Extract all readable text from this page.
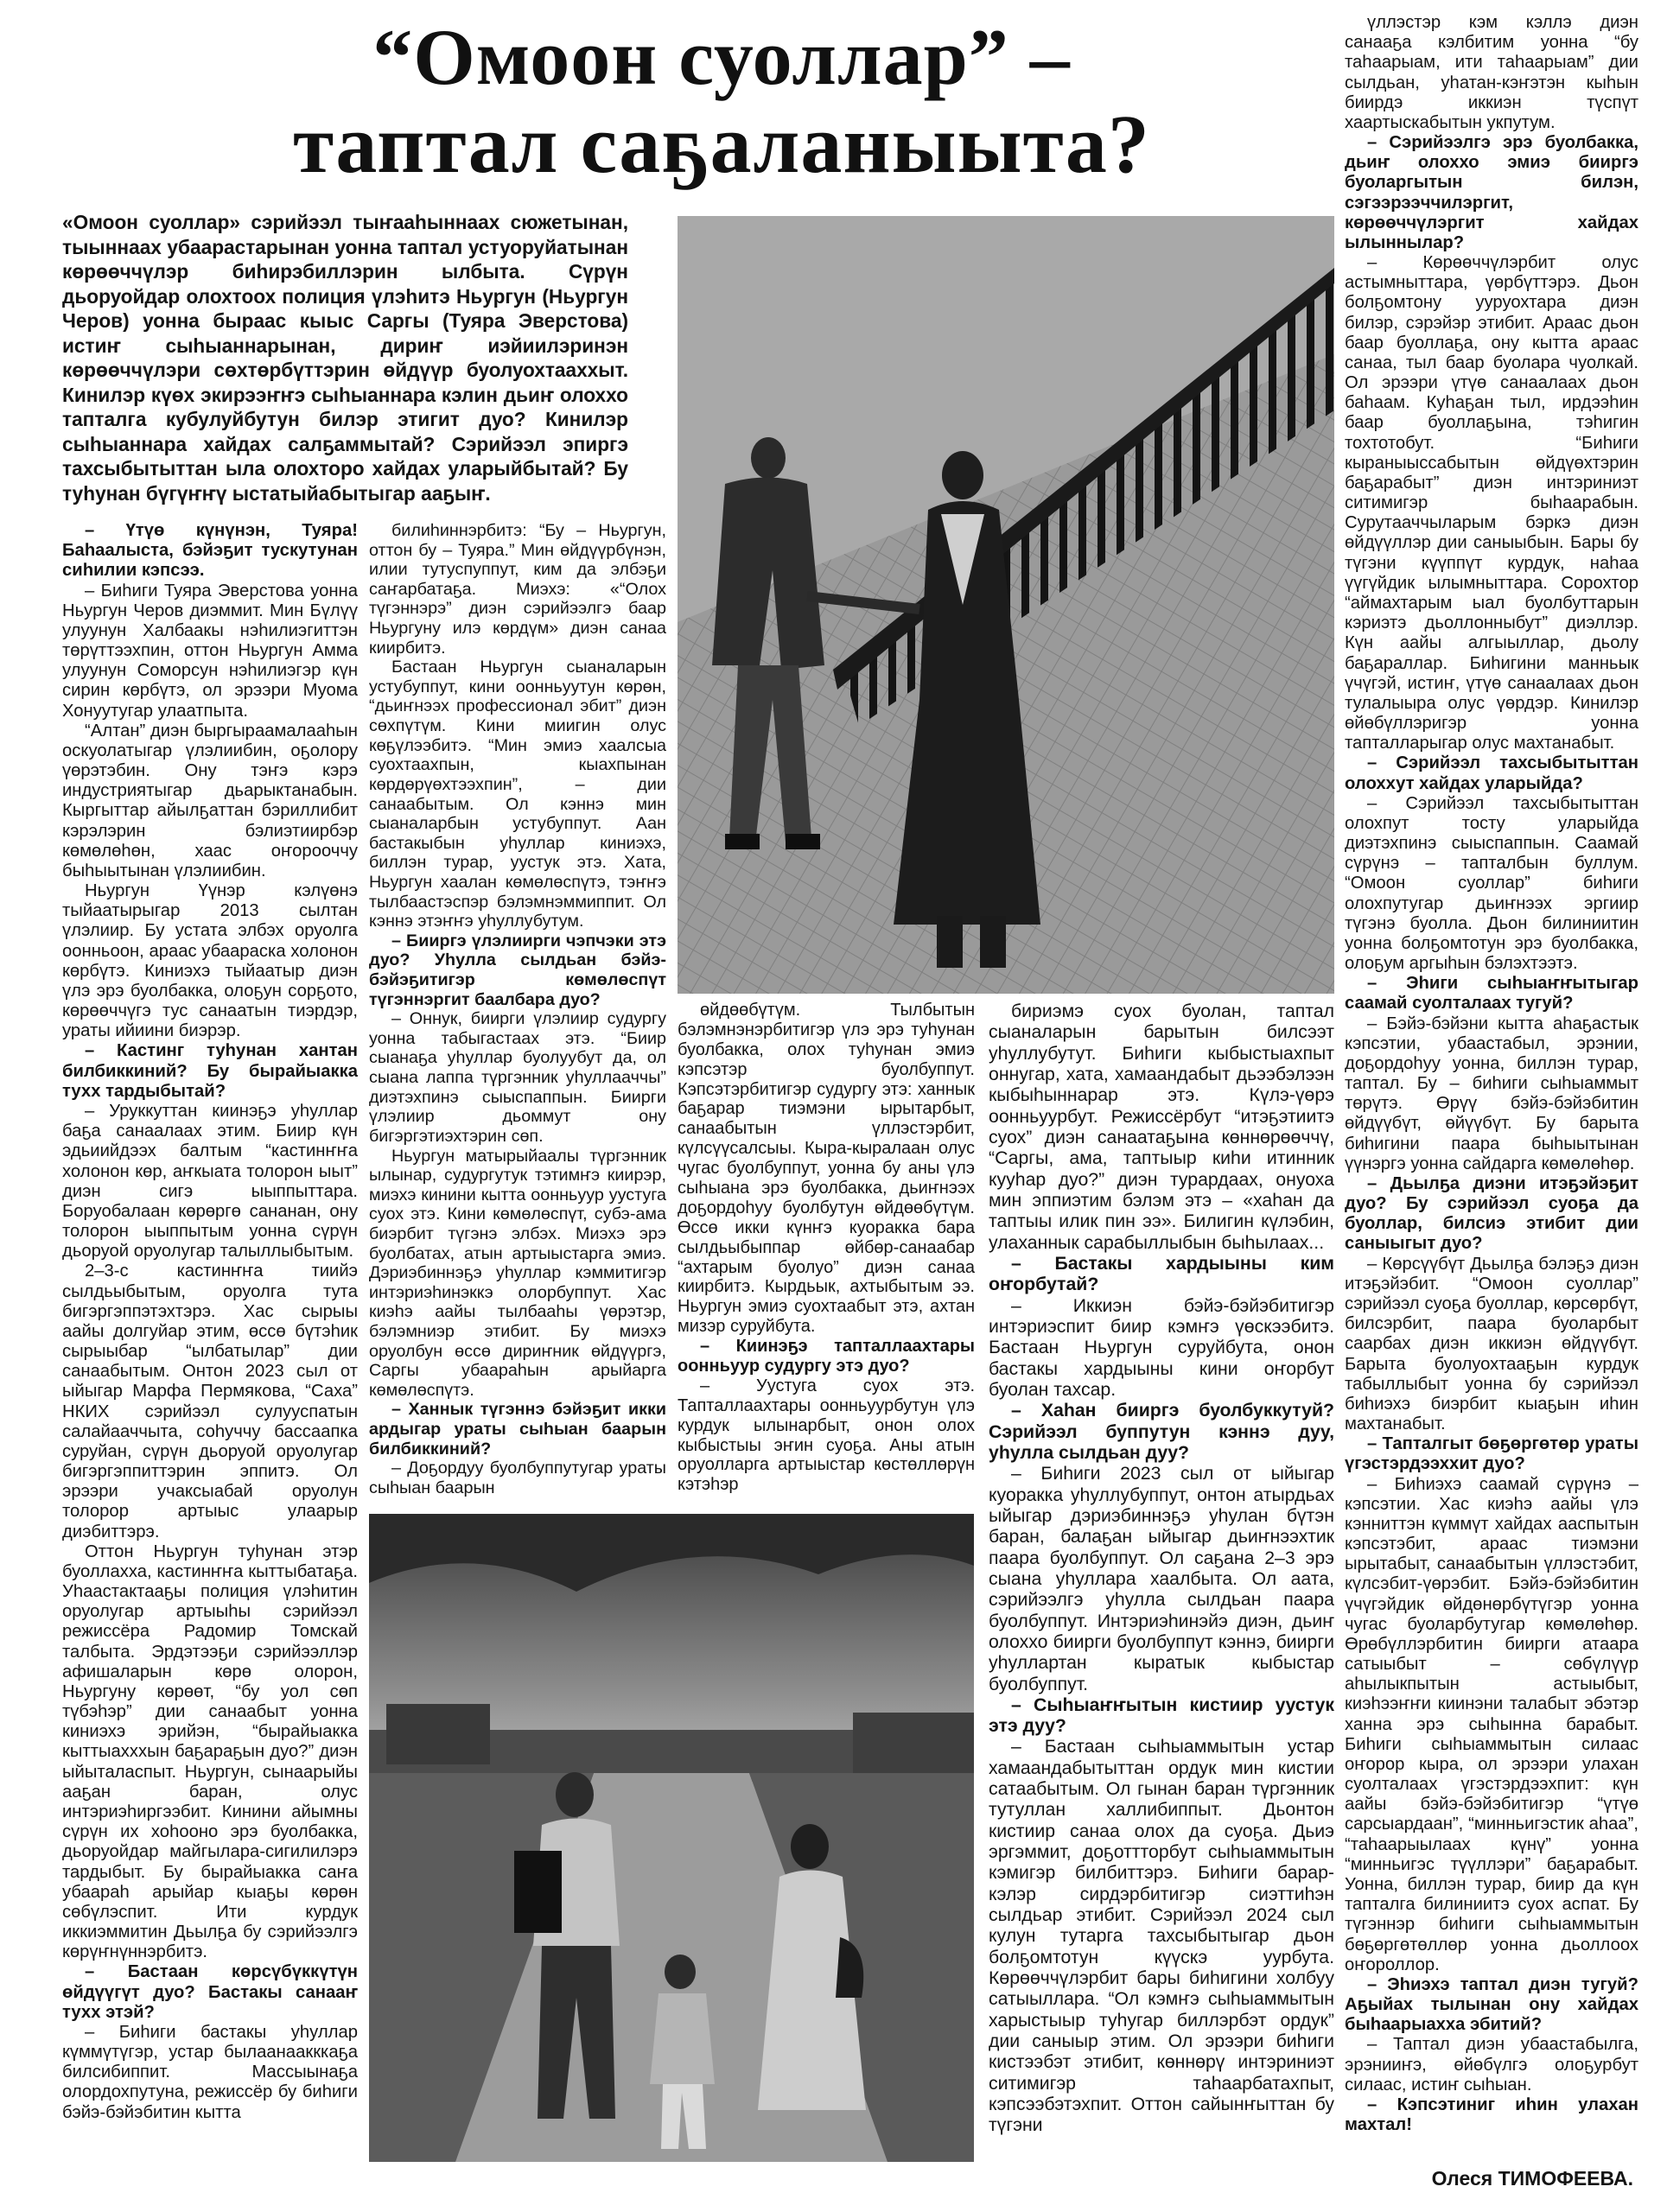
“Омоон суоллар” –
таптал саҕаланыыта?
«Омоон суоллар» сэрийээл тыҥааһыннаах сюжетынан, тыыннаах убаарастарынан уонна таптал устуоруйатынан көрөөччүлэр биһирэбиллэрин ылбыта. Сүрүн дьоруойдар олохтоох полиция үлэһитэ Ньургун (Ньургун Черов) уонна быраас кыыс Саргы (Туяра Эверстова) истиҥ сыһыаннарынан, дириҥ иэйиилэринэн көрөөччүлэри сөхтөрбүттэрин өйдүүр буолуохтааххыт. Кинилэр күөх экирээҥҥэ сыһыаннара кэлин дьиҥ олоххо тапталга кубулуйбутун билэр этигит дуо? Кинилэр сыһыаннара хайдах салҕаммытай? Сэрийээл эпиргэ тахсыбытыттан ыла олохторо хайдах уларыйбытай? Бу туһунан бүгүҥҥү ыстатыйабытыгар ааҕыҥ.

– Үтүө күнүнэн, Туяра! Баһаалыста, бэйэҕит тускутунан сиһилии кэпсээ.

– Биһиги Туяра Эверстова уонна Ньургун Черов диэммит. Мин Бүлүү улуунун Халбаакы нэһилиэгиттэн төрүттээхпин, оттон Ньургун Амма улуунун Соморсун нэһилиэгэр күн сирин көрбүтэ, ол эрээри Муома Хонуутугар улаатпыта.

“Алтан” диэн быргыраамалааһын оскуолатыгар үлэлиибин, оҕолору үөрэтэбин. Ону тэҥэ кэрэ индустриятыгар дьарыктанабын. Кыргыттар айылҕаттан бэриллибит кэрэлэрин бэлиэтиирбэр көмөлөһөн, хаас оҥорооччу быһыытынан үлэлиибин.

Ньургун Үүнэр кэлүөнэ тыйаатырыгар 2013 сылтан үлэлиир. Бу устата элбэх оруолга оонньоон, араас убаараска холонон көрбүтэ. Киниэхэ тыйаатыр диэн үлэ эрэ буолбакка, олоҕун сорҕото, көрөөччүгэ тус санаатын тиэрдэр, ураты ийиини биэрэр.

– Кастинг туһунан хантан билбиккиний? Бу бырайыакка тухх тардыбытай?

– Уруккуттан киинэҕэ уһуллар баҕа санаалаах этим. Биир күн эдьиийдээх балтым “кастинҥҥа холонон көр, аҥкыата толорон ыыт” диэн сигэ ыыппыттара. Боруобалаан көрөргө сананан, ону толорон ыыппытым уонна сүрүн дьоруой оруолугар талыллыбытым.

2–3-с кастинҥҥа тиийэ сылдьыбытым, оруолга тута бигэргэппэтэхтэрэ. Хас сырыы аайы долгуйар этим, өссө бүтэһик сырыыбар “ылбатылар” дии санаабытым. Онтон 2023 сыл от ыйыгар Марфа Пермякова, “Саха” НКИХ сэрийээл сулууспатын салайааччыта, соһуччу бассаапка суруйан, сүрүн дьоруой оруолугар бигэргэппиттэрин эппитэ. Ол эрээри учаксыабай оруолун толорор артыыс улаарыр диэбиттэрэ.

Оттон Ньургун туһунан этэр буоллахха, кастинҥҥа кыттыбатаҕа. Уһаастактааҕы полиция үлэһитин оруолугар артыыһы сэрийээл режиссёра Радомир Томскай талбыта. Эрдэтээҕи сэрийээллэр афишаларын көрө олорон, Ньургуну көрөөт, “бу уол сөп түбэһэр” дии санаабыт уонна киниэхэ эрийэн, “бырайыакка кыттыахххын баҕараҕын дуо?” диэн ыйыталаспыт. Ньургун, сынаарыйы ааҕан баран, олус интэриэһиргээбит. Кинини айымны сүрүн их хоһооно эрэ буолбакка, дьоруойдар майгылара-сигилилэрэ тардыбыт. Бу бырайыакка саҥа убаараһ арыйар кыаҕы көрөн сөбүлэспит. Ити курдук иккиэммитин Дьылҕа бу сэрийээлгэ көрүҥнүннэрбитэ.

– Бастаан көрсүбүккүтүн өйдүүгүт дуо? Бастакы санааҥ тухх этэй?

– Биһиги бастакы уһуллар күммүтүгэр, устар былаанаакккаҕа билсибиппит. Массыынаҕа олордохпутуна, режиссёр бу биһиги бэйэ-бэйэбитин кытта

билиһиннэрбитэ: “Бу – Ньургун, оттон бу – Туяра.” Мин өйдүүрбүнэн, илии тутуспуппут, ким да элбэҕи саҥарбатаҕа. Миэхэ: «“Олох түгэннэрэ” диэн сэрийээлгэ баар Ньургуну илэ көрдүм» диэн санаа киирбитэ.

Бастаан Ньургун сыаналарын устубуппут, кини оонньуутун көрөн, “дьиҥнээх профессионал эбит” диэн сөхпүтүм. Кини миигин олус көҕүлээбитэ. “Мин эмиэ хаалсыа суохтаахпын, кыахпынан көрдөрүөхтээхпин”, – дии санаабытым. Ол кэннэ мин сыаналарбын устубуппут. Аан бастакыбын уһуллар киниэхэ, биллэн турар, уустук этэ. Хата, Ньургун хаалан көмөлөспүтэ, тэҥҥэ тылбаастэспэр бэлэмнэммиппит. Ол кэннэ этэҥҥэ уһуллубутум.

– Бииргэ үлэлиирги чэпчэки этэ дуо? Уһулла сылдьан бэйэ-бэйэҕитигэр көмөлөспүт түгэннэргит баалбара дуо?

– Оннук, биирги үлэлиир судургу уонна табыгастаах этэ. “Биир сыанаҕа уһуллар буолуубут да, ол сыана лаппа түргэнник уһуллааччы” диэтэхпинэ сыыспаппын. Биирги үлэлиир дьоммут ону бигэргэтиэхтэрин сөп.

Ньургун матырыйаалы түргэнник ылынар, судургутук тэтимҥэ киирэр, миэхэ кинини кытта оонньуур уустуга суох этэ. Кини көмөлөспүт, субэ-ама биэрбит түгэнэ элбэх. Миэхэ эрэ буолбатах, атын артыыстарга эмиэ. Дэриэбиннэҕэ уһуллар кэммитигэр интэриэһинэккэ олорбуппут. Хас киэһэ аайы тылбааһы үөрэтэр, бэлэмниэр этибит. Бу миэхэ оруолбун өссө дириҥник өйдүүргэ, Саргы убаараһын арыйарга көмөлөспүтэ.

– Ханнык түгэннэ бэйэҕит икки ардыгар ураты сыһыан баарын билбиккиний?

– Доҕордуу буолбуппутугар ураты сыһыан баарын

өйдөөбүтүм. Тылбытын бэлэмнэнэрбитигэр үлэ эрэ туһунан буолбакка, олох туһунан эмиэ кэпсэтэр буолбуппут. Кэпсэтэрбитигэр судургу этэ: ханнык баҕарар тиэмэни ырытарбыт, санаабытын үллэстэрбит, күлсүүсалсыы. Кыра-кыралаан олус чугас буолбуппут, уонна бу аны үлэ сыһыана эрэ буолбакка, дьиҥнээх доҕордоһуу буолбутун өйдөөбүтүм. Өссө икки күнҥэ куоракка бара сылдьыбыппар өйбөр-санаабар “ахтарым буолуо” диэн санаа киирбитэ. Кырдьык, ахтыбытым ээ. Ньургун эмиэ суохтаабыт этэ, ахтан мизэр суруйбута.

– Киинэҕэ тапталлаахтары оонньуур судургу этэ дуо?

– Уустуга суох этэ. Тапталлаахтары оонньуурбутун үлэ курдук ылынарбыт, онон олох кыбыстыы эҥин суоҕа. Аны атын оруолларга артыыстар көстөллөрүн кэтэһэр

бириэмэ суох буолан, таптал сыаналарын барытын билсээт уһуллубутут. Биһиги кыбыстыахпыт оннугар, хата, хамаандабыт дьээбэлээн кыбыһыннарар этэ. Күлэ-үөрэ оонньуурбут. Режиссёрбут “итэҕэтиитэ суох” диэн санаатаҕына көннөрөөччү, “Саргы, ама, таптыыр киһи итинник кууһар дуо?” диэн турардаах, онуоха мин эппиэтим бэлэм этэ – «хаһан да таптыы илик пин ээ». Билигин күлэбин, улаханнык сарабыллыбын быһылаах...

– Бастакы хардыыны ким оҥорбутай?

– Иккиэн бэйэ-бэйэбитигэр интэриэспит биир кэмҥэ үөскээбитэ. Бастаан Ньургун суруйбута, онон бастакы хардыыны кини оҥорбут буолан тахсар.

– Хаһан бииргэ буолбуккутуй? Сэрийээл буппутун кэннэ дуу, уһулла сылдьан дуу?

– Биһиги 2023 сыл от ыйыгар куоракка уһуллубуппут, онтон атырдьах ыйыгар дэриэбиннэҕэ уһулан бүтэн баран, балаҕан ыйыгар дьиҥнээхтик паара буолбуппут. Ол саҕана 2–3 эрэ сыана уһуллара хаалбыта. Ол аата, сэрийээлгэ уһулла сылдьан паара буолбуппут. Интэриэһинэйэ диэн, дьиҥ олоххо биирги буолбуппут кэннэ, биирги уһуллартан кыратык кыбыстар буолбуппут.

– Сыһыаҥҥытын кистиир уустук этэ дуу?

– Бастаан сыһыаммытын устар хамаандабытыттан ордук мин кистии сатаабытым. Ол гынан баран түргэнник тутуллан халлибиппыт. Дьонтон кистиир санаа олох да суоҕа. Дьиэ эргэммит, доҕоттторбут сыһыаммытын кэмигэр билбиттэрэ. Биһиги барар-кэлэр сирдэрбитигэр сиэттиһэн сылдьар этибит. Сэрийээл 2024 сыл кулун тутарга тахсыбытыгар дьон болҕомтотун күүскэ уурбута. Көрөөччүлэрбит бары биһигини холбуу сатыыллара. “Ол кэмҥэ сыһыаммытын харыстыыр туһугар биллэрбэт ордук” дии саныыр этим. Ол эрээри биһиги кистээбэт этибит, көннөрү интэриниэт ситимигэр таһаарбатахпыт, кэпсээбэтэхпит. Оттон сайынҥыттан бу түгэни

үллэстэр кэм кэллэ диэн санааҕа кэлбитим уонна “бу таһаарыам, ити таһаарыам” дии сылдьан, уһатан-кэҥэтэн кыһын биирдэ иккиэн түспүт хаартыскабытын укпутум.

– Сэрийээлгэ эрэ буолбакка, дьиҥ олоххо эмиэ бииргэ буоларгытын билэн, сэгээрээччилэргит, көрөөччүлэргит хайдах ылыннылар?

– Көрөөччүлэрбит олус астымныттара, үөрбүттэрэ. Дьон болҕомтону ууруохтара диэн билэр, сэрэйэр этибит. Араас дьон баар буоллаҕа, ону кытта араас санаа, тыл баар буолара чуолкай. Ол эрээри үтүө санаалаах дьон баһаам. Куһаҕан тыл, ирдээһин баар буоллаҕына, тэһигин тохтотобут. “Биһиги кыраныыссабытын өйдүөхтэрин баҕарабыт” диэн интэриниэт ситимигэр быһаарабын. Сурутааччыларым бэркэ диэн өйдүүллэр дии саныыбын. Бары бу түгэни күүппүт курдук, наһаа үүгүйдик ылымныттара. Сорохтор “аймахтарым ыал буолбуттарын кэриэтэ дьоллонныбут” диэллэр. Күн аайы алгыыллар, дьолу баҕараллар. Биһигини манньык үчүгэй, истиҥ, үтүө санаалаах дьон тулалыыра олус үөрдэр. Кинилэр өйөбүллэригэр уонна тапталларыгар олус махтанабыт.

– Сэрийээл тахсыбытыттан олоххут хайдах уларыйда?

– Сэрийээл тахсыбытыттан олохпут тосту уларыйда диэтэхпинэ сыыспаппын. Саамай сүрүнэ – тапталбын буллум. “Омоон суоллар” биһиги олохпутугар дьиҥнээх эргиир түгэнэ буолла. Дьон билиниитин уонна болҕомтотун эрэ буолбакка, олоҕум аргыһын бэлэхтээтэ.

– Эһиги сыһыаҥҥытыгар саамай суолталаах тугуй?

– Бэйэ-бэйэни кытта аһаҕастык кэпсэтии, убаастабыл, эрэнии, доҕордоһуу уонна, биллэн турар, таптал. Бу – биһиги сыһыаммыт төрүтэ. Өрүү бэйэ-бэйэбитин өйдүүбүт, өйүүбүт. Бу барыта биһигини паара быһыытынан үүнэргэ уонна сайдарга көмөлөһөр.

– Дьылҕа диэни итэҕэйэҕит дуо? Бу сэрийээл суоҕа да буоллар, билсиэ этибит дии саныыгыт дуо?

– Көрсүүбүт Дьылҕа бэлэҕэ диэн итэҕэйэбит. “Омоон суоллар” сэрийээл суоҕа буоллар, көрсөрбүт, билсэрбит, паара буоларбыт саарбах диэн иккиэн өйдүүбүт. Барыта буолуохтааҕын курдук табыллыбыт уонна бу сэрийээл биһиэхэ биэрбит кыаҕын иһин махтанабыт.

– Тапталгыт бөҕөргөтөр ураты үгэстэрдээххит дуо?

– Биһиэхэ саамай сүрүнэ – кэпсэтии. Хас киэһэ аайы үлэ кэнниттэн күммүт хайдах ааспытын кэпсэтэбит, араас тиэмэни ырытабыт, санаабытын үллэстэбит, күлсэбит-үөрэбит. Бэйэ-бэйэбитин үчүгэйдик өйдөнөрбүтүгэр уонна чугас буоларбутугар көмөлөһөр. Өрөбүллэрбитин биирги атаара сатыыбыт – сөбүлүүр аһылыкпытын астыыбыт, киэһээҥҥи киинэни талабыт эбэтэр ханна эрэ сыһынна барабыт. Биһиги сыһыаммытын силаас оҥорор кыра, ол эрээри улахан суолталаах үгэстэрдээхпит: күн аайы бэйэ-бэйэбитигэр “үтүө сарсыардаан”, “минньигэстик аһаа”, “таһаарыылаах күнү” уонна “минньигэс түүллэри” баҕарабыт. Уонна, биллэн турар, биир да күн тапталга билиниитэ суох аспат. Бу түгэннэр биһиги сыһыаммытын бөҕөргөтөллөр уонна дьоллоох оҥороллор.

– Эһиэхэ таптал диэн тугуй? Аҕыйах тылынан ону хайдах быһаарыахха эбитий?

– Таптал диэн убаастабылга, эрэнииҥэ, өйөбүлгэ олоҕурбут силаас, истиҥ сыһыан.

– Кэпсэтиниг иһин улахан махтал!

Олеся ТИМОФЕЕВА.
